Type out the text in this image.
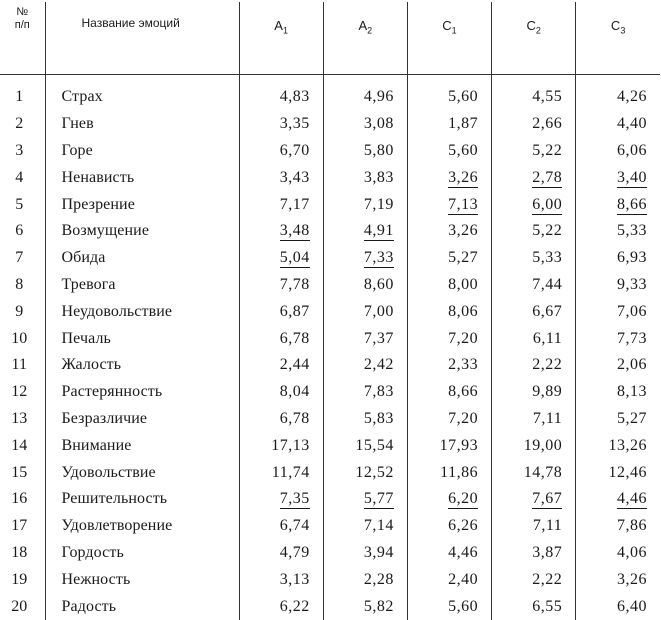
№
п/п	Название эмоций	$A_1$	$A_2$	$C_1$	$C_2$	$C_3$
1	Страх	4,83	4,96	5,60	4,55	4,26
2	Гнев	3,35	3,08	1,87	2,66	4,40
3	Горе	6,70	5,80	5,60	5,22	6,06
4	Ненависть	3,43	3,83	3,26	2,78	3,40
5	Презрение	7,17	7,19	7,13	6,00	8,66
6	Возмущение	3,48	4,91	3,26	5,22	5,33
7	Обида	5,04	7,33	5,27	5,33	6,93
8	Тревога	7,78	8,60	8,00	7,44	9,33
9	Неудовольствие	6,87	7,00	8,06	6,67	7,06
10	Печаль	6,78	7,37	7,20	6,11	7,73
11	Жалость	2,44	2,42	2,33	2,22	2,06
12	Растерянность	8,04	7,83	8,66	9,89	8,13
13	Безразличие	6,78	5,83	7,20	7,11	5,27
14	Внимание	17,13	15,54	17,93	19,00	13,26
15	Удовольствие	11,74	12,52	11,86	14,78	12,46
16	Решительность	7,35	5,77	6,20	7,67	4,46
17	Удовлетворение	6,74	7,14	6,26	7,11	7,86
18	Гордость	4,79	3,94	4,46	3,87	4,06
19	Нежность	3,13	2,28	2,40	2,22	3,26
20	Радость	6,22	5,82	5,60	6,55	6,40
